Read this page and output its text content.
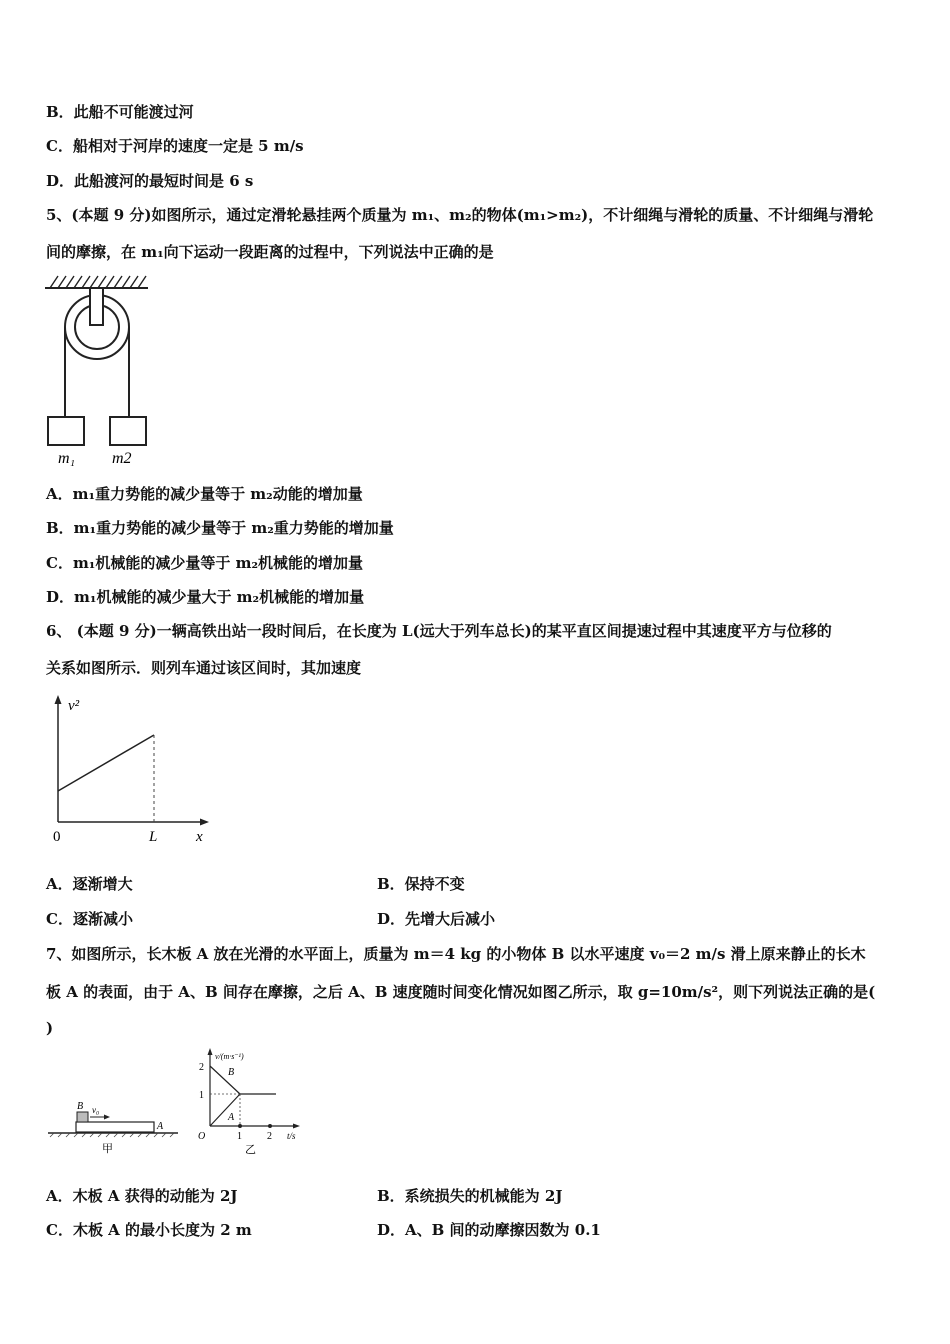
B．此船不可能渡过河
C．船相对于河岸的速度一定是 5 m/s
D．此船渡河的最短时间是 6 s
5、(本题 9 分)如图所示，通过定滑轮悬挂两个质量为 m₁、m₂的物体(m₁>m₂)，不计细绳与滑轮的质量、不计细绳与滑轮
间的摩擦，在 m₁向下运动一段距离的过程中，下列说法中正确的是
m₁ m2
A．m₁重力势能的减少量等于 m₂动能的增加量
B．m₁重力势能的减少量等于 m₂重力势能的增加量
C．m₁机械能的减少量等于 m₂机械能的增加量
D．m₁机械能的减少量大于 m₂机械能的增加量
6、 (本题 9 分)一辆高铁出站一段时间后，在长度为 L(远大于列车总长)的某平直区间提速过程中其速度平方与位移的
关系如图所示．则列车通过该区间时，其加速度
v²
x
0	L
A．逐渐增大	B．保持不变
C．逐渐减小	D．先增大后减小
7、如图所示，长木板 A 放在光滑的水平面上，质量为 m＝4 kg 的小物体 B 以水平速度 v₀＝2 m/s 滑上原来静止的长木
板 A 的表面，由于 A、B 间存在摩擦，之后 A、B 速度随时间变化情况如图乙所示，取 g=10m/s²，则下列说法正确的是(
)
B v₀
A
甲
v/(m·s⁻¹)
t/s
O
2
1
1	2
B
A
乙
A．木板 A 获得的动能为 2J	B．系统损失的机械能为 2J
C．木板 A 的最小长度为 2 m	D．A、B 间的动摩擦因数为 0.1
